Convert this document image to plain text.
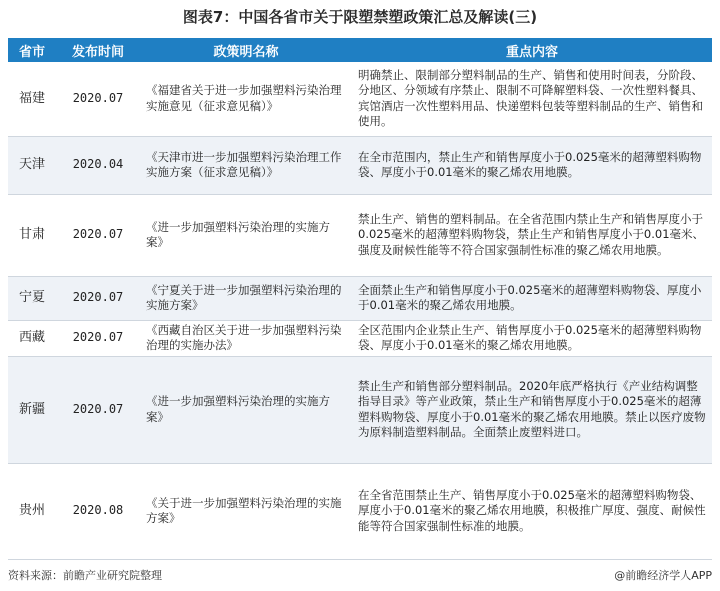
图表7：中国各省市关于限塑禁塑政策汇总及解读(三)
省市	发布时间	政策明名称	重点内容
福建	2020.07	《福建省关于进一步加强塑料污染治理实施意见（征求意见稿）》	明确禁止、限制部分塑料制品的生产、销售和使用时间表，分阶段、分地区、分领域有序禁止、限制不可降解塑料袋、一次性塑料餐具、宾馆酒店一次性塑料用品、快递塑料包装等塑料制品的生产、销售和使用。
天津	2020.04	《天津市进一步加强塑料污染治理工作实施方案（征求意见稿）》	在全市范围内，禁止生产和销售厚度小于0.025毫米的超薄塑料购物袋、厚度小于0.01毫米的聚乙烯农用地膜。
甘肃	2020.07	《进一步加强塑料污染治理的实施方案》	禁止生产、销售的塑料制品。在全省范围内禁止生产和销售厚度小于0.025毫米的超薄塑料购物袋，禁止生产和销售厚度小于0.01毫米、强度及耐候性能等不符合国家强制性标准的聚乙烯农用地膜。
宁夏	2020.07	《宁夏关于进一步加强塑料污染治理的实施方案》	全面禁止生产和销售厚度小于0.025毫米的超薄塑料购物袋、厚度小于0.01毫米的聚乙烯农用地膜。
西藏	2020.07	《西藏自治区关于进一步加强塑料污染治理的实施办法》	全区范围内企业禁止生产、销售厚度小于0.025毫米的超薄塑料购物袋、厚度小于0.01毫米的聚乙烯农用地膜。
新疆	2020.07	《进一步加强塑料污染治理的实施方案》	禁止生产和销售部分塑料制品。2020年底严格执行《产业结构调整指导目录》等产业政策，禁止生产和销售厚度小于0.025毫米的超薄塑料购物袋、厚度小于0.01毫米的聚乙烯农用地膜。禁止以医疗废物为原料制造塑料制品。全面禁止废塑料进口。
贵州	2020.08	《关于进一步加强塑料污染治理的实施方案》	在全省范围禁止生产、销售厚度小于0.025毫米的超薄塑料购物袋、厚度小于0.01毫米的聚乙烯农用地膜，积极推广厚度、强度、耐候性能等符合国家强制性标准的地膜。
资料来源：前瞻产业研究院整理	@前瞻经济学人APP
